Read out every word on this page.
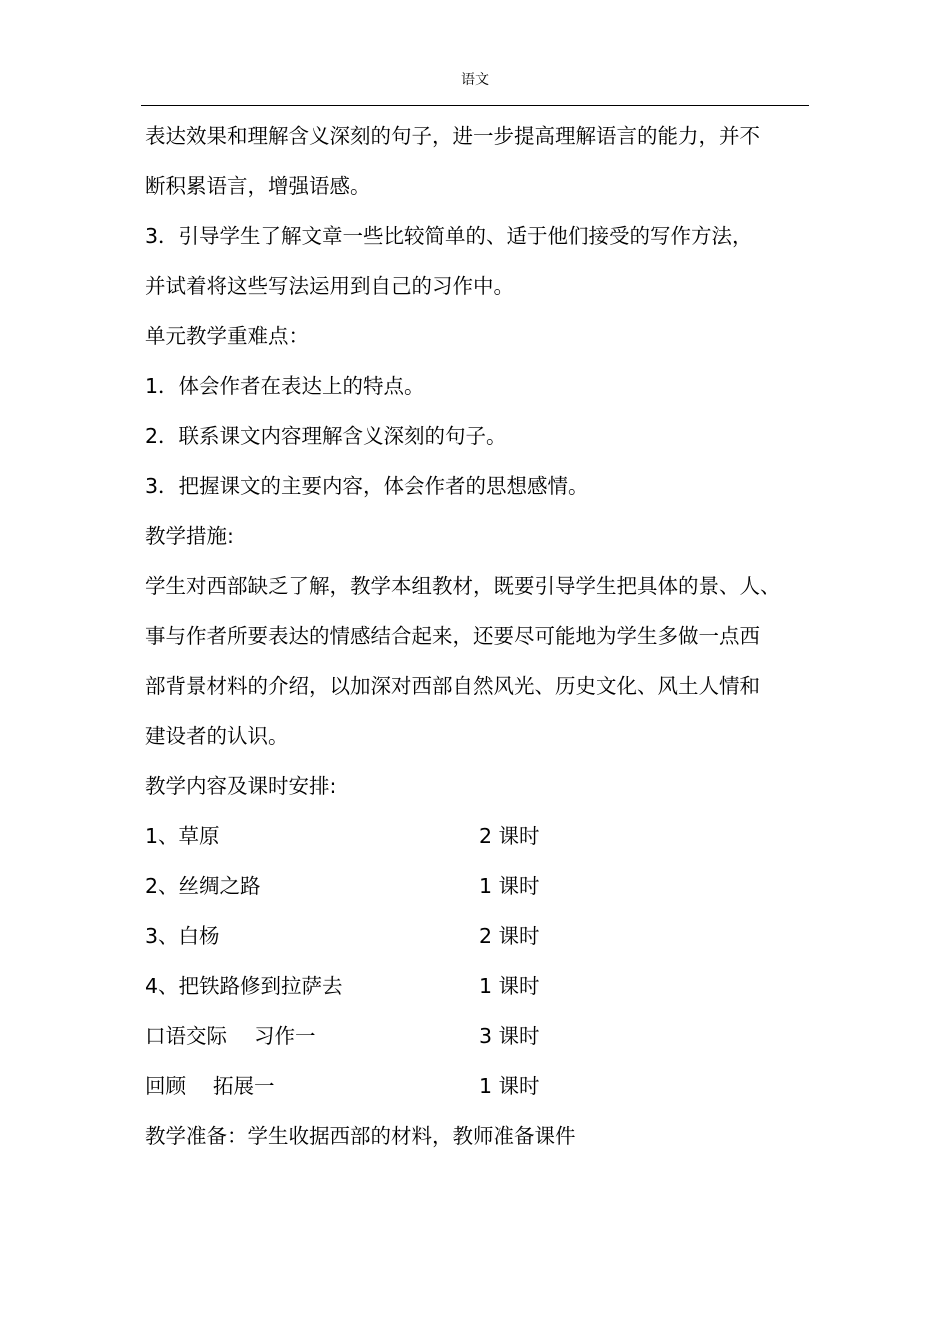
语文
表达效果和理解含义深刻的句子，进一步提高理解语言的能力，并不
断积累语言，增强语感。
3．引导学生了解文章一些比较简单的、适于他们接受的写作方法，
并试着将这些写法运用到自己的习作中。
单元教学重难点：
1．体会作者在表达上的特点。
2．联系课文内容理解含义深刻的句子。
3．把握课文的主要内容，体会作者的思想感情。
教学措施:
学生对西部缺乏了解，教学本组教材，既要引导学生把具体的景、人、
事与作者所要表达的情感结合起来，还要尽可能地为学生多做一点西
部背景材料的介绍，以加深对西部自然风光、历史文化、风土人情和
建设者的认识。
教学内容及课时安排:
1、草原	2 课时
2、丝绸之路	1 课时
3、白杨	2 课时
4、把铁路修到拉萨去	1 课时
口语交际　 习作一	3 课时
回顾　 拓展一	1 课时
教学准备：学生收据西部的材料，教师准备课件
